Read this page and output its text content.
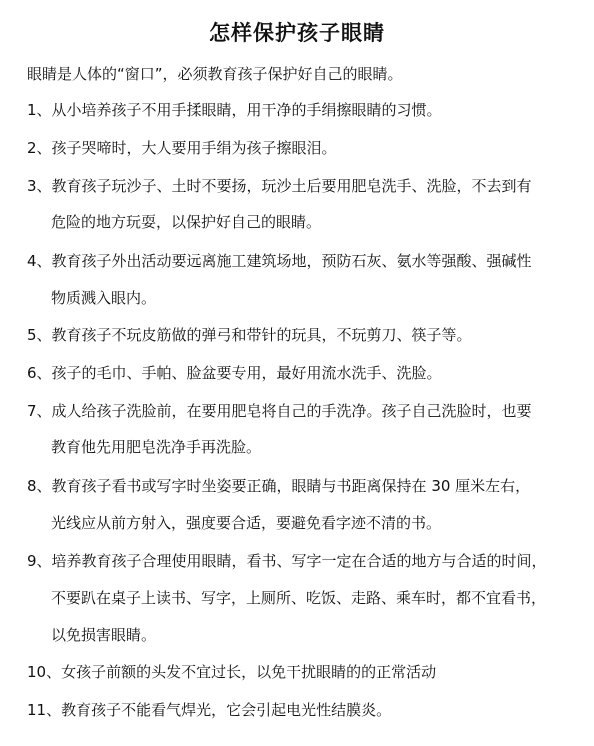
怎样保护孩子眼睛
眼睛是人体的“窗口”，必须教育孩子保护好自己的眼睛。
1、从小培养孩子不用手揉眼睛，用干净的手绢擦眼睛的习惯。
2、孩子哭啼时，大人要用手绢为孩子擦眼泪。
3、教育孩子玩沙子、土时不要扬，玩沙土后要用肥皂洗手、洗脸，不去到有
危险的地方玩耍，以保护好自己的眼睛。
4、教育孩子外出活动要远离施工建筑场地，预防石灰、氨水等强酸、强碱性
物质溅入眼内。
5、教育孩子不玩皮筋做的弹弓和带针的玩具，不玩剪刀、筷子等。
6、孩子的毛巾、手帕、脸盆要专用，最好用流水洗手、洗脸。
7、成人给孩子洗脸前，在要用肥皂将自己的手洗净。孩子自己洗脸时，也要
教育他先用肥皂洗净手再洗脸。
8、教育孩子看书或写字时坐姿要正确，眼睛与书距离保持在 30 厘米左右，
光线应从前方射入，强度要合适，要避免看字迹不清的书。
9、培养教育孩子合理使用眼睛，看书、写字一定在合适的地方与合适的时间，
不要趴在桌子上读书、写字，上厕所、吃饭、走路、乘车时，都不宜看书，
以免损害眼睛。
10、女孩子前额的头发不宜过长，以免干扰眼睛的的正常活动
11、教育孩子不能看气焊光，它会引起电光性结膜炎。
